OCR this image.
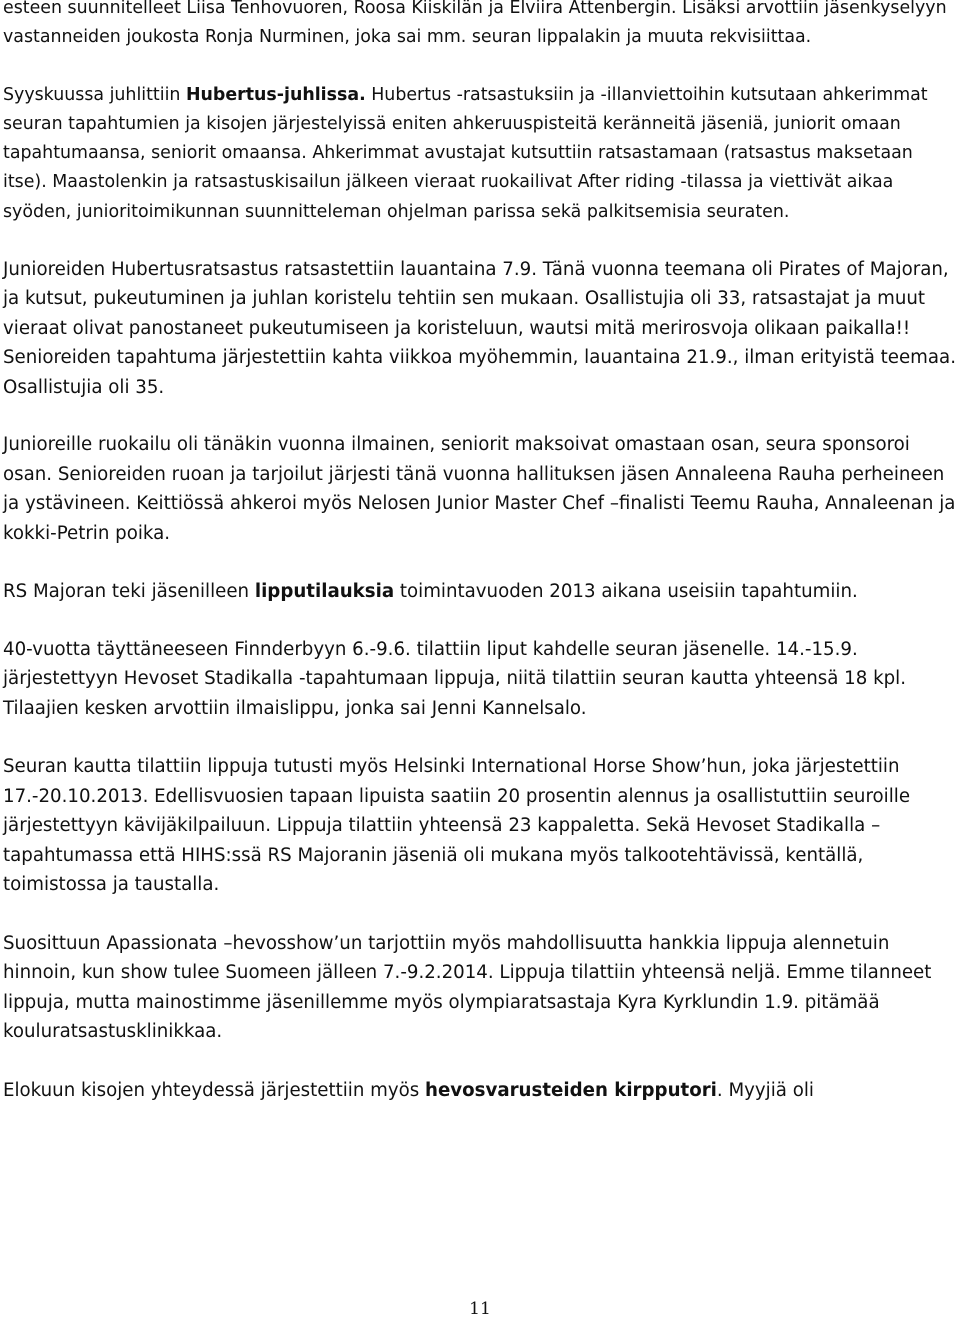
esteen suunnitelleet Liisa Tenhovuoren, Roosa Kiiskilän ja Elviira Attenbergin. Lisäksi arvottiin jäsenkyselyyn vastanneiden joukosta Ronja Nurminen, joka sai mm. seuran lippalakin ja muuta rekvisiittaa.

Syyskuussa juhlittiin Hubertus-juhlissa. Hubertus -ratsastuksiin ja -illanviettoihin kutsutaan ahkerimmat seuran tapahtumien ja kisojen järjestelyissä eniten ahkeruuspisteitä keränneitä jäseniä, juniorit omaan tapahtumaansa, seniorit omaansa. Ahkerimmat avustajat kutsuttiin ratsastamaan (ratsastus maksetaan itse). Maastolenkin ja ratsastuskisailun jälkeen vieraat ruokailivat After riding -tilassa ja viettivät aikaa syöden, junioritoimikunnan suunnitteleman ohjelman parissa sekä palkitsemisia seuraten.

Junioreiden Hubertusratsastus ratsastettiin lauantaina 7.9. Tänä vuonna teemana oli Pirates of Majoran, ja kutsut, pukeutuminen ja juhlan koristelu tehtiin sen mukaan. Osallistujia oli 33, ratsastajat ja muut vieraat olivat panostaneet pukeutumiseen ja koristeluun, wautsi mitä merirosvoja olikaan paikalla!! Senioreiden tapahtuma järjestettiin kahta viikkoa myöhemmin, lauantaina 21.9., ilman erityistä teemaa. Osallistujia oli 35.

Junioreille ruokailu oli tänäkin vuonna ilmainen, seniorit maksoivat omastaan osan, seura sponsoroi osan. Senioreiden ruoan ja tarjoilut järjesti tänä vuonna hallituksen jäsen Annaleena Rauha perheineen ja ystävineen. Keittiössä ahkeroi myös Nelosen Junior Master Chef –finalisti Teemu Rauha, Annaleenan ja kokki-Petrin poika.

RS Majoran teki jäsenilleen lipputilauksia toimintavuoden 2013 aikana useisiin tapahtumiin.

40-vuotta täyttäneeseen Finnderbyyn 6.-9.6. tilattiin liput kahdelle seuran jäsenelle. 14.-15.9. järjestettyyn Hevoset Stadikalla -tapahtumaan lippuja, niitä tilattiin seuran kautta yhteensä 18 kpl. Tilaajien kesken arvottiin ilmaislippu, jonka sai Jenni Kannelsalo.

Seuran kautta tilattiin lippuja tutusti myös Helsinki International Horse Show’hun, joka järjestettiin 17.-20.10.2013. Edellisvuosien tapaan lipuista saatiin 20 prosentin alennus ja osallistuttiin seuroille järjestettyyn kävijäkilpailuun. Lippuja tilattiin yhteensä 23 kappaletta. Sekä Hevoset Stadikalla –tapahtumassa että HIHS:ssä RS Majoranin jäseniä oli mukana myös talkootehtävissä, kentällä, toimistossa ja taustalla.

Suosittuun Apassionata –hevosshow’un tarjottiin myös mahdollisuutta hankkia lippuja alennetuin hinnoin, kun show tulee Suomeen jälleen 7.-9.2.2014. Lippuja tilattiin yhteensä neljä. Emme tilanneet lippuja, mutta mainostimme jäsenillemme myös olympiaratsastaja Kyra Kyrklundin 1.9. pitämää kouluratsastusklinikkaa.

Elokuun kisojen yhteydessä järjestettiin myös hevosvarusteiden kirpputori. Myyjiä oli

11
